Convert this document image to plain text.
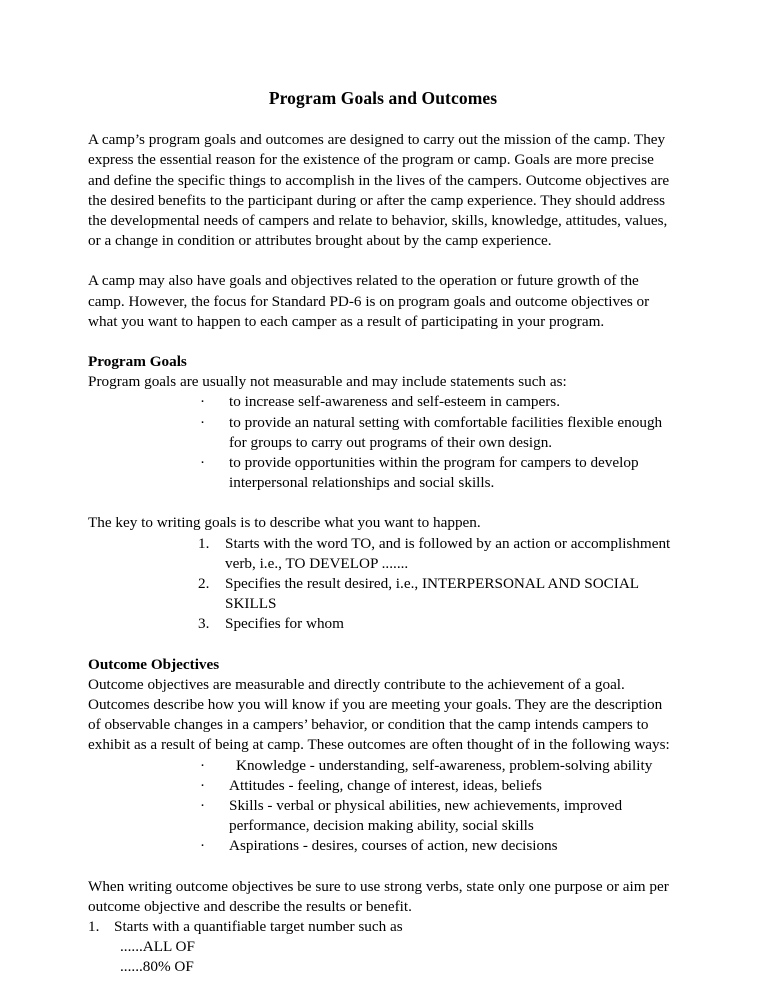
Program Goals and Outcomes

A camp’s program goals and outcomes are designed to carry out the mission of the camp. They express the essential reason for the existence of the program or camp. Goals are more precise and define the specific things to accomplish in the lives of the campers. Outcome objectives are the desired benefits to the participant during or after the camp experience. They should address the developmental needs of campers and relate to behavior, skills, knowledge, attitudes, values, or a change in condition or attributes brought about by the camp experience.

A camp may also have goals and objectives related to the operation or future growth of the camp. However, the focus for Standard PD-6 is on program goals and outcome objectives or what you want to happen to each camper as a result of participating in your program.

Program Goals
Program goals are usually not measurable and may include statements such as:
· to increase self-awareness and self-esteem in campers.
· to provide an natural setting with comfortable facilities flexible enough for groups to carry out programs of their own design.
· to provide opportunities within the program for campers to develop interpersonal relationships and social skills.
The key to writing goals is to describe what you want to happen.
1. Starts with the word TO, and is followed by an action or accomplishment verb, i.e., TO DEVELOP .......
2. Specifies the result desired, i.e., INTERPERSONAL AND SOCIAL SKILLS
3. Specifies for whom
Outcome Objectives
Outcome objectives are measurable and directly contribute to the achievement of a goal. Outcomes describe how you will know if you are meeting your goals. They are the description of observable changes in a campers’ behavior, or condition that the camp intends campers to exhibit as a result of being at camp. These outcomes are often thought of in the following ways:
·	Knowledge - understanding, self-awareness, problem-solving ability
· Attitudes - feeling, change of interest, ideas, beliefs
· Skills - verbal or physical abilities, new achievements, improved performance, decision making ability, social skills
· Aspirations - desires, courses of action, new decisions
When writing outcome objectives be sure to use strong verbs, state only one purpose or aim per outcome objective and describe the results or benefit.
1. Starts with a quantifiable target number such as
......ALL OF
......80% OF
